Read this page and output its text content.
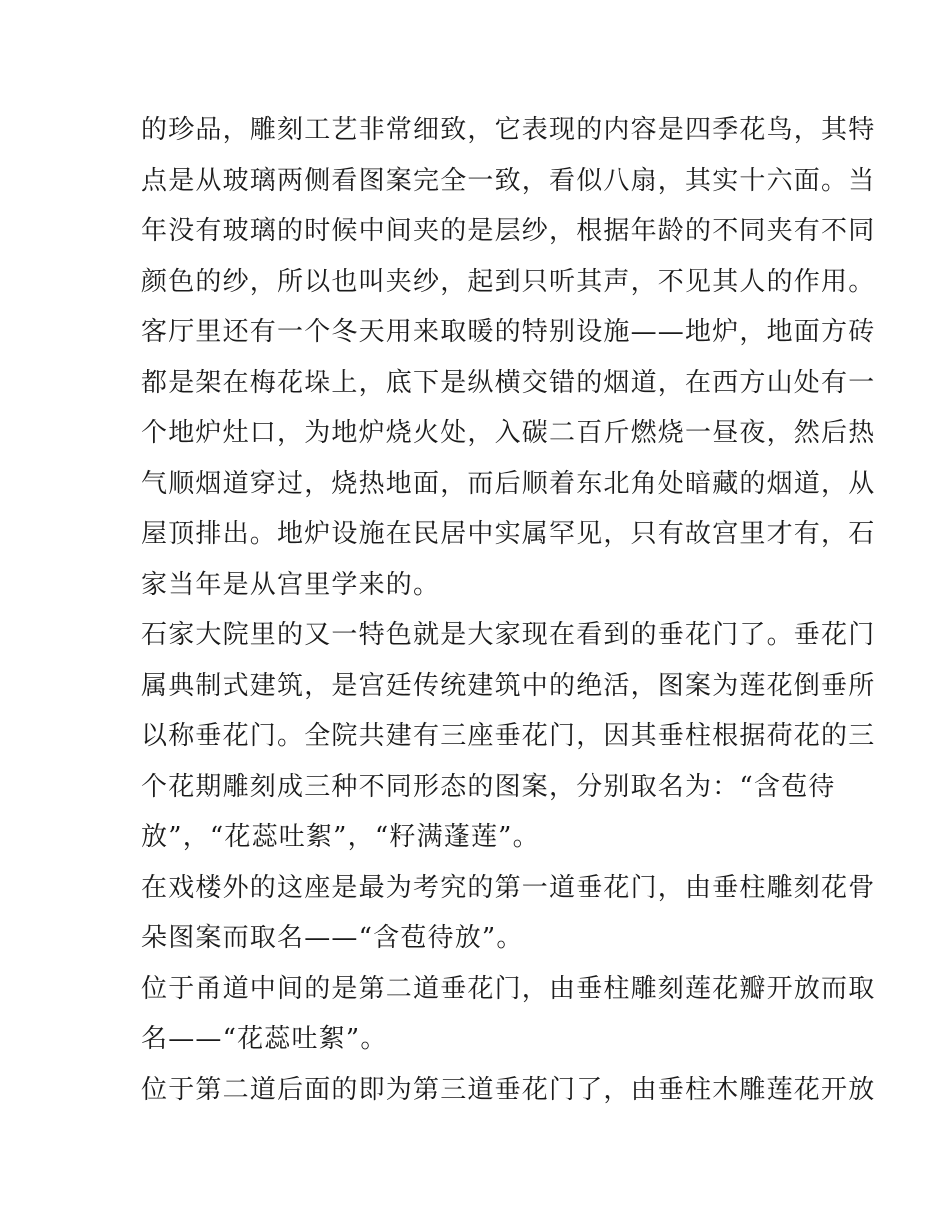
的珍品，雕刻工艺非常细致，它表现的内容是四季花鸟，其特
点是从玻璃两侧看图案完全一致，看似八扇，其实十六面。当
年没有玻璃的时候中间夹的是层纱，根据年龄的不同夹有不同
颜色的纱，所以也叫夹纱，起到只听其声，不见其人的作用。
客厅里还有一个冬天用来取暖的特别设施——地炉，地面方砖
都是架在梅花垛上，底下是纵横交错的烟道，在西方山处有一
个地炉灶口，为地炉烧火处，入碳二百斤燃烧一昼夜，然后热
气顺烟道穿过，烧热地面，而后顺着东北角处暗藏的烟道，从
屋顶排出。地炉设施在民居中实属罕见，只有故宫里才有，石
家当年是从宫里学来的。
石家大院里的又一特色就是大家现在看到的垂花门了。垂花门
属典制式建筑，是宫廷传统建筑中的绝活，图案为莲花倒垂所
以称垂花门。全院共建有三座垂花门，因其垂柱根据荷花的三
个花期雕刻成三种不同形态的图案，分别取名为：“含苞待
放”，“花蕊吐絮”，“籽满蓬莲”。
在戏楼外的这座是最为考究的第一道垂花门，由垂柱雕刻花骨
朵图案而取名——“含苞待放”。
位于甬道中间的是第二道垂花门，由垂柱雕刻莲花瓣开放而取
名——“花蕊吐絮”。
位于第二道后面的即为第三道垂花门了，由垂柱木雕莲花开放
